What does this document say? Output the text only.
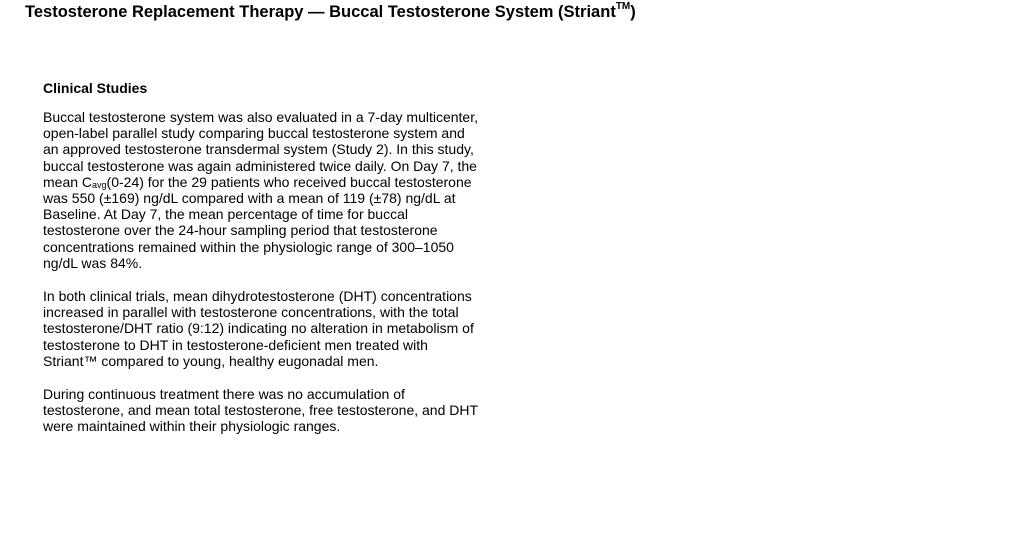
Testosterone Replacement Therapy — Buccal Testosterone System (Striant™)
Clinical Studies

Buccal testosterone system was also evaluated in a 7-day multicenter, open-label parallel study comparing buccal testosterone system and an approved testosterone transdermal system (Study 2). In this study, buccal testosterone was again administered twice daily. On Day 7, the mean $C_{avg}(0-24)$ for the 29 patients who received buccal testosterone was 550 (±169) ng/dL compared with a mean of 119 (±78) ng/dL at Baseline. At Day 7, the mean percentage of time for buccal testosterone over the 24-hour sampling period that testosterone concentrations remained within the physiologic range of 300–1050 ng/dL was 84%.

In both clinical trials, mean dihydrotestosterone (DHT) concentrations increased in parallel with testosterone concentrations, with the total testosterone/DHT ratio (9:12) indicating no alteration in metabolism of testosterone to DHT in testosterone-deficient men treated with Striant™ compared to young, healthy eugonadal men.

During continuous treatment there was no accumulation of testosterone, and mean total testosterone, free testosterone, and DHT were maintained within their physiologic ranges.
